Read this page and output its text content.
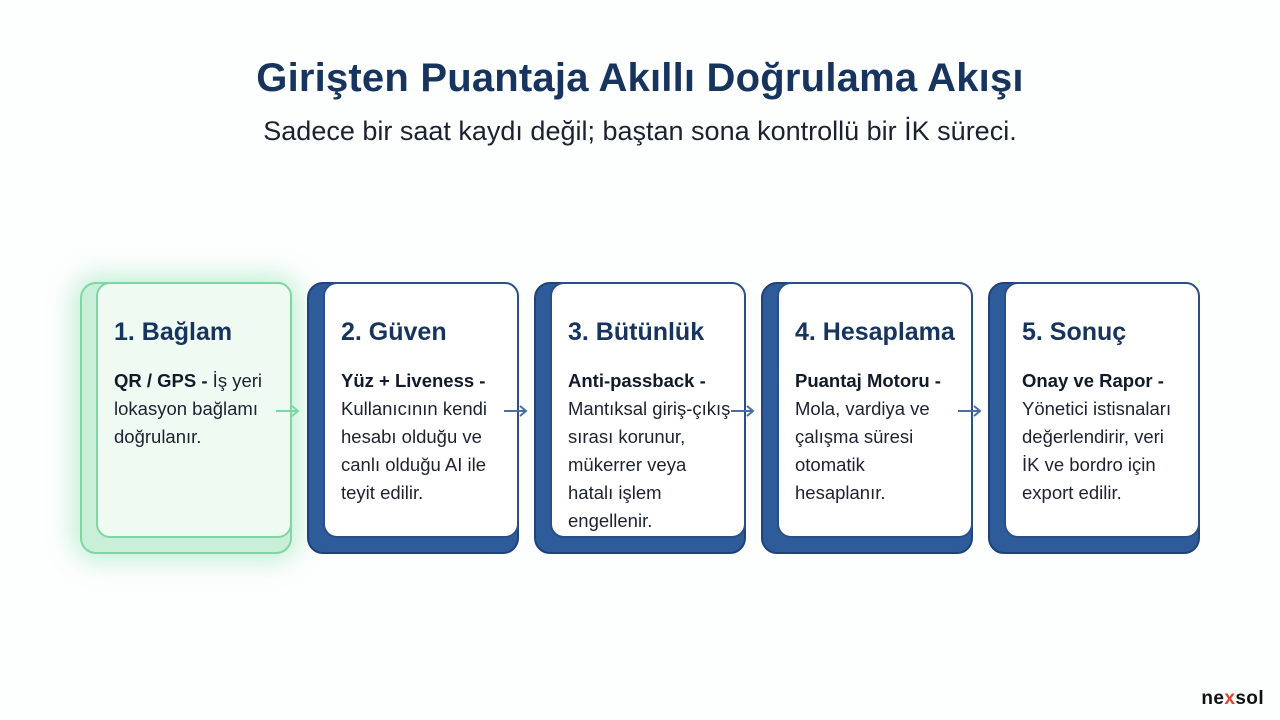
Girişten Puantaja Akıllı Doğrulama Akışı
Sadece bir saat kaydı değil; baştan sona kontrollü bir İK süreci.
1. Bağlam
QR / GPS - İş yeri lokasyon bağlamı doğrulanır.
2. Güven
Yüz + Liveness - Kullanıcının kendi hesabı olduğu ve canlı olduğu AI ile teyit edilir.
3. Bütünlük
Anti-passback - Mantıksal giriş-çıkış sırası korunur, mükerrer veya hatalı işlem engellenir.
4. Hesaplama
Puantaj Motoru - Mola, vardiya ve çalışma süresi otomatik hesaplanır.
5. Sonuç
Onay ve Rapor - Yönetici istisnaları değerlendirir, veri İK ve bordro için export edilir.
nexsol
